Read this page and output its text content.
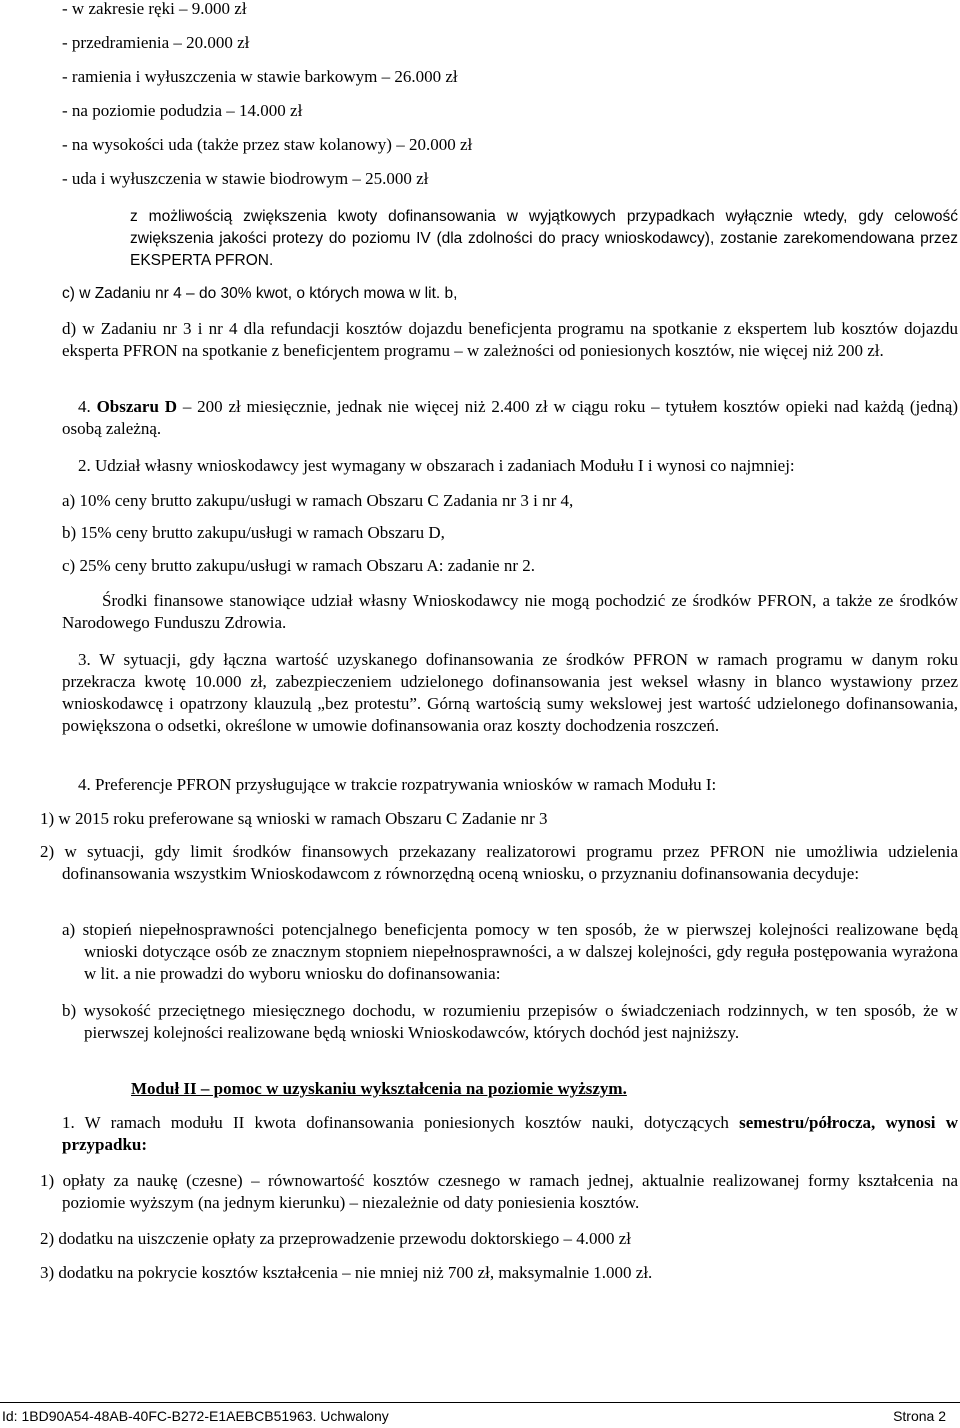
- w zakresie ręki – 9.000 zł

- przedramienia – 20.000 zł

- ramienia i wyłuszczenia w stawie barkowym – 26.000 zł

- na poziomie podudzia – 14.000 zł

- na wysokości uda (także przez staw kolanowy) – 20.000 zł

- uda i wyłuszczenia w stawie biodrowym – 25.000 zł

z możliwością zwiększenia kwoty dofinansowania w wyjątkowych przypadkach wyłącznie wtedy, gdy celowość zwiększenia jakości protezy do poziomu IV (dla zdolności do pracy wnioskodawcy), zostanie zarekomendowana przez EKSPERTA PFRON.

c) w Zadaniu nr 4 – do 30% kwot, o których mowa w lit. b,

d) w Zadaniu nr 3 i nr 4 dla refundacji kosztów dojazdu beneficjenta programu na spotkanie z ekspertem lub kosztów dojazdu eksperta PFRON na spotkanie z beneficjentem programu – w zależności od poniesionych kosztów, nie więcej niż 200 zł.

4. Obszaru D – 200 zł miesięcznie, jednak nie więcej niż 2.400 zł w ciągu roku – tytułem kosztów opieki nad każdą (jedną) osobą zależną.

2. Udział własny wnioskodawcy jest wymagany w obszarach i zadaniach Modułu I i wynosi co najmniej:

a) 10% ceny brutto zakupu/usługi w ramach Obszaru C Zadania nr 3 i nr 4,

b) 15% ceny brutto zakupu/usługi w ramach Obszaru D,

c) 25% ceny brutto zakupu/usługi w ramach Obszaru A: zadanie nr 2.

Środki finansowe stanowiące udział własny Wnioskodawcy nie mogą pochodzić ze środków PFRON, a także ze środków Narodowego Funduszu Zdrowia.

3. W sytuacji, gdy łączna wartość uzyskanego dofinansowania ze środków PFRON w ramach programu w danym roku przekracza kwotę 10.000 zł, zabezpieczeniem udzielonego dofinansowania jest weksel własny in blanco wystawiony przez wnioskodawcę i opatrzony klauzulą „bez protestu”. Górną wartością sumy wekslowej jest wartość udzielonego dofinansowania, powiększona o odsetki, określone w umowie dofinansowania oraz koszty dochodzenia roszczeń.

4. Preferencje PFRON przysługujące w trakcie rozpatrywania wniosków w ramach Modułu I:

1) w 2015 roku preferowane są wnioski w ramach Obszaru C Zadanie nr 3

2) w sytuacji, gdy limit środków finansowych przekazany realizatorowi programu przez PFRON nie umożliwia udzielenia dofinansowania wszystkim Wnioskodawcom z równorzędną oceną wniosku, o przyznaniu dofinansowania decyduje:

a) stopień niepełnosprawności potencjalnego beneficjenta pomocy w ten sposób, że w pierwszej kolejności realizowane będą wnioski dotyczące osób ze znacznym stopniem niepełnosprawności, a w dalszej kolejności, gdy reguła postępowania wyrażona w lit. a nie prowadzi do wyboru wniosku do dofinansowania:

b) wysokość przeciętnego miesięcznego dochodu, w rozumieniu przepisów o świadczeniach rodzinnych, w ten sposób, że w pierwszej kolejności realizowane będą wnioski Wnioskodawców, których dochód jest najniższy.

Moduł II – pomoc w uzyskaniu wykształcenia na poziomie wyższym.

1. W ramach modułu II kwota dofinansowania poniesionych kosztów nauki, dotyczących semestru/półrocza, wynosi w przypadku:

1) opłaty za naukę (czesne) – równowartość kosztów czesnego w ramach jednej, aktualnie realizowanej formy kształcenia na poziomie wyższym (na jednym kierunku) – niezależnie od daty poniesienia kosztów.

2) dodatku na uiszczenie opłaty za przeprowadzenie przewodu doktorskiego – 4.000 zł

3) dodatku na pokrycie kosztów kształcenia – nie mniej niż 700 zł, maksymalnie 1.000 zł.

Id: 1BD90A54-48AB-40FC-B272-E1AEBCB51963. Uchwalony	Strona 2
